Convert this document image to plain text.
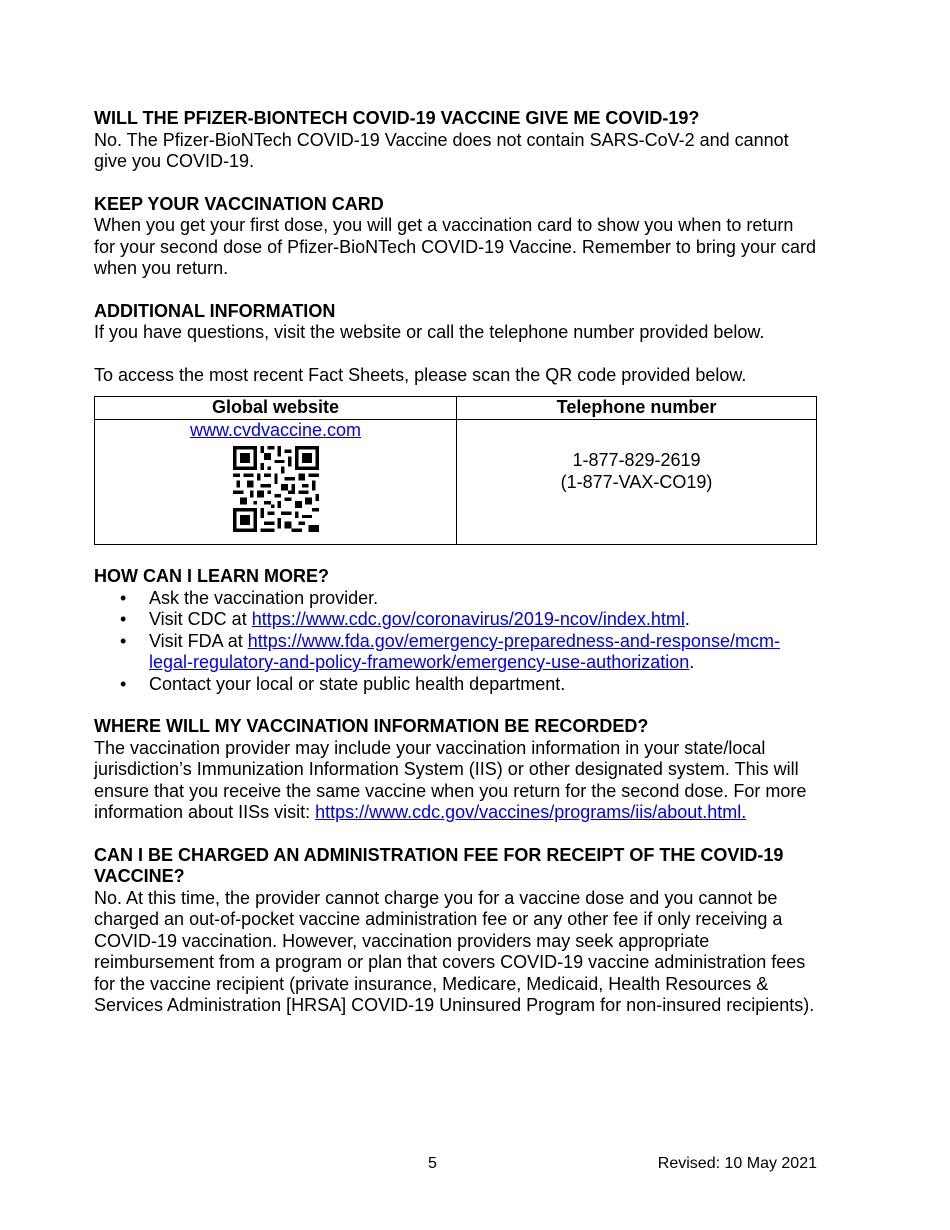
WILL THE PFIZER-BIONTECH COVID-19 VACCINE GIVE ME COVID-19?

No. The Pfizer-BioNTech COVID-19 Vaccine does not contain SARS-CoV-2 and cannot give you COVID-19.

KEEP YOUR VACCINATION CARD

When you get your first dose, you will get a vaccination card to show you when to return for your second dose of Pfizer-BioNTech COVID-19 Vaccine. Remember to bring your card when you return.

ADDITIONAL INFORMATION

If you have questions, visit the website or call the telephone number provided below.

To access the most recent Fact Sheets, please scan the QR code provided below.

Global website	Telephone number
www.cvdvaccine.com	1-877-829-2619
(1-877-VAX-CO19)
HOW CAN I LEARN MORE?
• Ask the vaccination provider.
• Visit CDC at https://www.cdc.gov/coronavirus/2019-ncov/index.html.
• Visit FDA at https://www.fda.gov/emergency-preparedness-and-response/mcm-legal-regulatory-and-policy-framework/emergency-use-authorization.
• Contact your local or state public health department.
WHERE WILL MY VACCINATION INFORMATION BE RECORDED?

The vaccination provider may include your vaccination information in your state/local jurisdiction’s Immunization Information System (IIS) or other designated system. This will ensure that you receive the same vaccine when you return for the second dose. For more information about IISs visit: https://www.cdc.gov/vaccines/programs/iis/about.html.

CAN I BE CHARGED AN ADMINISTRATION FEE FOR RECEIPT OF THE COVID-19 VACCINE?

No. At this time, the provider cannot charge you for a vaccine dose and you cannot be charged an out-of-pocket vaccine administration fee or any other fee if only receiving a COVID-19 vaccination. However, vaccination providers may seek appropriate reimbursement from a program or plan that covers COVID-19 vaccine administration fees for the vaccine recipient (private insurance, Medicare, Medicaid, Health Resources & Services Administration [HRSA] COVID-19 Uninsured Program for non-insured recipients).

5	Revised: 10 May 2021
